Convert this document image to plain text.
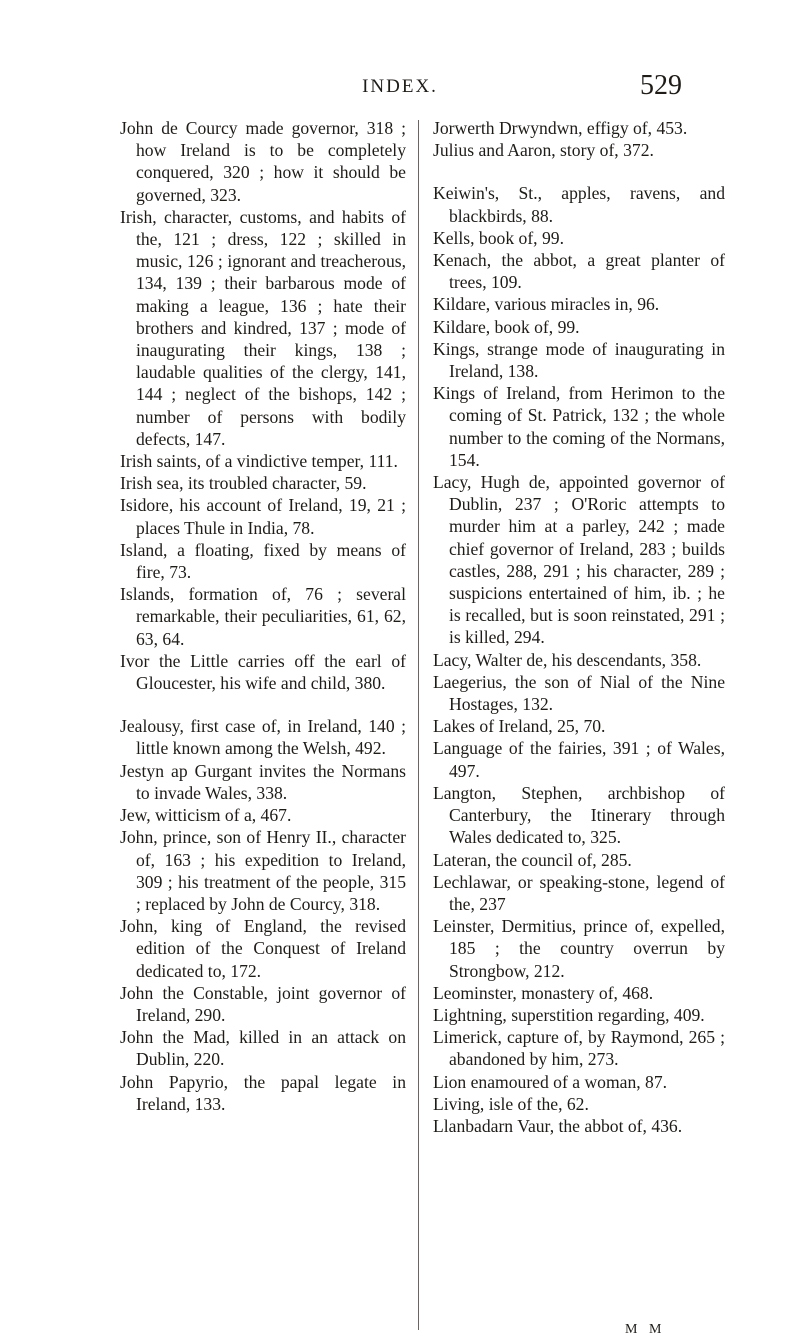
INDEX.	529

John de Courcy made governor, 318 ; how Ireland is to be completely conquered, 320 ; how it should be governed, 323.

Irish, character, customs, and habits of the, 121 ; dress, 122 ; skilled in music, 126 ; ignorant and treacherous, 134, 139 ; their barbarous mode of making a league, 136 ; hate their brothers and kindred, 137 ; mode of inaugurating their kings, 138 ; laudable qualities of the clergy, 141, 144 ; neglect of the bishops, 142 ; number of persons with bodily defects, 147.

Irish saints, of a vindictive temper, 111.

Irish sea, its troubled character, 59.

Isidore, his account of Ireland, 19, 21 ; places Thule in India, 78.

Island, a floating, fixed by means of fire, 73.

Islands, formation of, 76 ; several remarkable, their peculiarities, 61, 62, 63, 64.

Ivor the Little carries off the earl of Gloucester, his wife and child, 380.

Jealousy, first case of, in Ireland, 140 ; little known among the Welsh, 492.

Jestyn ap Gurgant invites the Normans to invade Wales, 338.

Jew, witticism of a, 467.

John, prince, son of Henry II., character of, 163 ; his expedition to Ireland, 309 ; his treatment of the people, 315 ; replaced by John de Courcy, 318.

John, king of England, the revised edition of the Conquest of Ireland dedicated to, 172.

John the Constable, joint governor of Ireland, 290.

John the Mad, killed in an attack on Dublin, 220.

John Papyrio, the papal legate in Ireland, 133.

Jorwerth Drwyndwn, effigy of, 453.

Julius and Aaron, story of, 372.

Keiwin's, St., apples, ravens, and blackbirds, 88.

Kells, book of, 99.

Kenach, the abbot, a great planter of trees, 109.

Kildare, various miracles in, 96.

Kildare, book of, 99.

Kings, strange mode of inaugurating in Ireland, 138.

Kings of Ireland, from Herimon to the coming of St. Patrick, 132 ; the whole number to the coming of the Normans, 154.

Lacy, Hugh de, appointed governor of Dublin, 237 ; O'Roric attempts to murder him at a parley, 242 ; made chief governor of Ireland, 283 ; builds castles, 288, 291 ; his character, 289 ; suspicions entertained of him, ib. ; he is recalled, but is soon reinstated, 291 ; is killed, 294.

Lacy, Walter de, his descendants, 358.

Laegerius, the son of Nial of the Nine Hostages, 132.

Lakes of Ireland, 25, 70.

Language of the fairies, 391 ; of Wales, 497.

Langton, Stephen, archbishop of Canterbury, the Itinerary through Wales dedicated to, 325.

Lateran, the council of, 285.

Lechlawar, or speaking-stone, legend of the, 237

Leinster, Dermitius, prince of, expelled, 185 ; the country overrun by Strongbow, 212.

Leominster, monastery of, 468.

Lightning, superstition regarding, 409.

Limerick, capture of, by Raymond, 265 ; abandoned by him, 273.

Lion enamoured of a woman, 87.

Living, isle of the, 62.

Llanbadarn Vaur, the abbot of, 436.

M M
